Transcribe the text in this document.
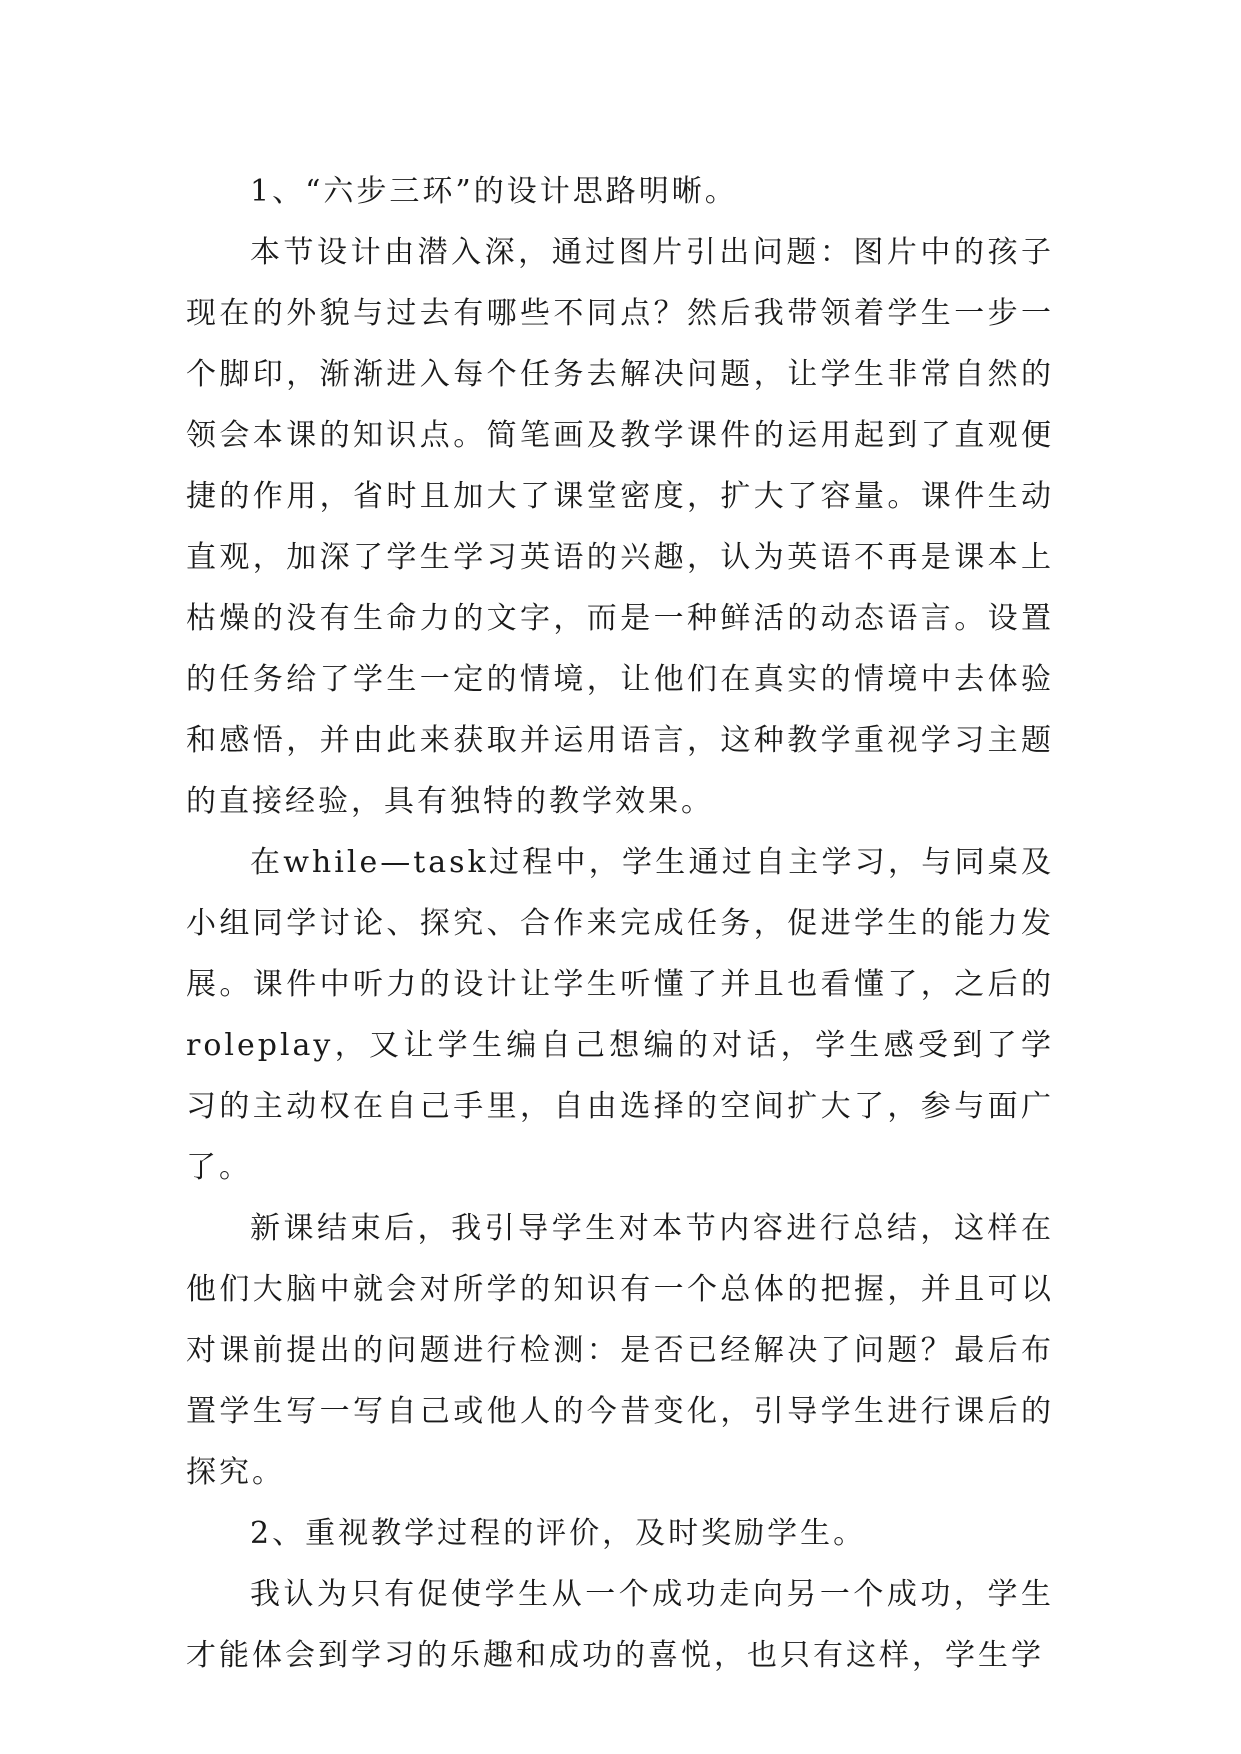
1、“六步三环”的设计思路明晰。

本节设计由潜入深，通过图片引出问题：图片中的孩子现在的外貌与过去有哪些不同点？然后我带领着学生一步一个脚印，渐渐进入每个任务去解决问题，让学生非常自然的领会本课的知识点。简笔画及教学课件的运用起到了直观便捷的作用，省时且加大了课堂密度，扩大了容量。课件生动直观，加深了学生学习英语的兴趣，认为英语不再是课本上枯燥的没有生命力的文字，而是一种鲜活的动态语言。设置的任务给了学生一定的情境，让他们在真实的情境中去体验和感悟，并由此来获取并运用语言，这种教学重视学习主题的直接经验，具有独特的教学效果。

在while—task过程中，学生通过自主学习，与同桌及小组同学讨论、探究、合作来完成任务，促进学生的能力发展。课件中听力的设计让学生听懂了并且也看懂了，之后的roleplay，又让学生编自己想编的对话，学生感受到了学习的主动权在自己手里，自由选择的空间扩大了，参与面广了。

新课结束后，我引导学生对本节内容进行总结，这样在他们大脑中就会对所学的知识有一个总体的把握，并且可以对课前提出的问题进行检测：是否已经解决了问题？最后布置学生写一写自己或他人的今昔变化，引导学生进行课后的探究。

2、重视教学过程的评价，及时奖励学生。

我认为只有促使学生从一个成功走向另一个成功，学生才能体会到学习的乐趣和成功的喜悦，也只有这样，学生学
